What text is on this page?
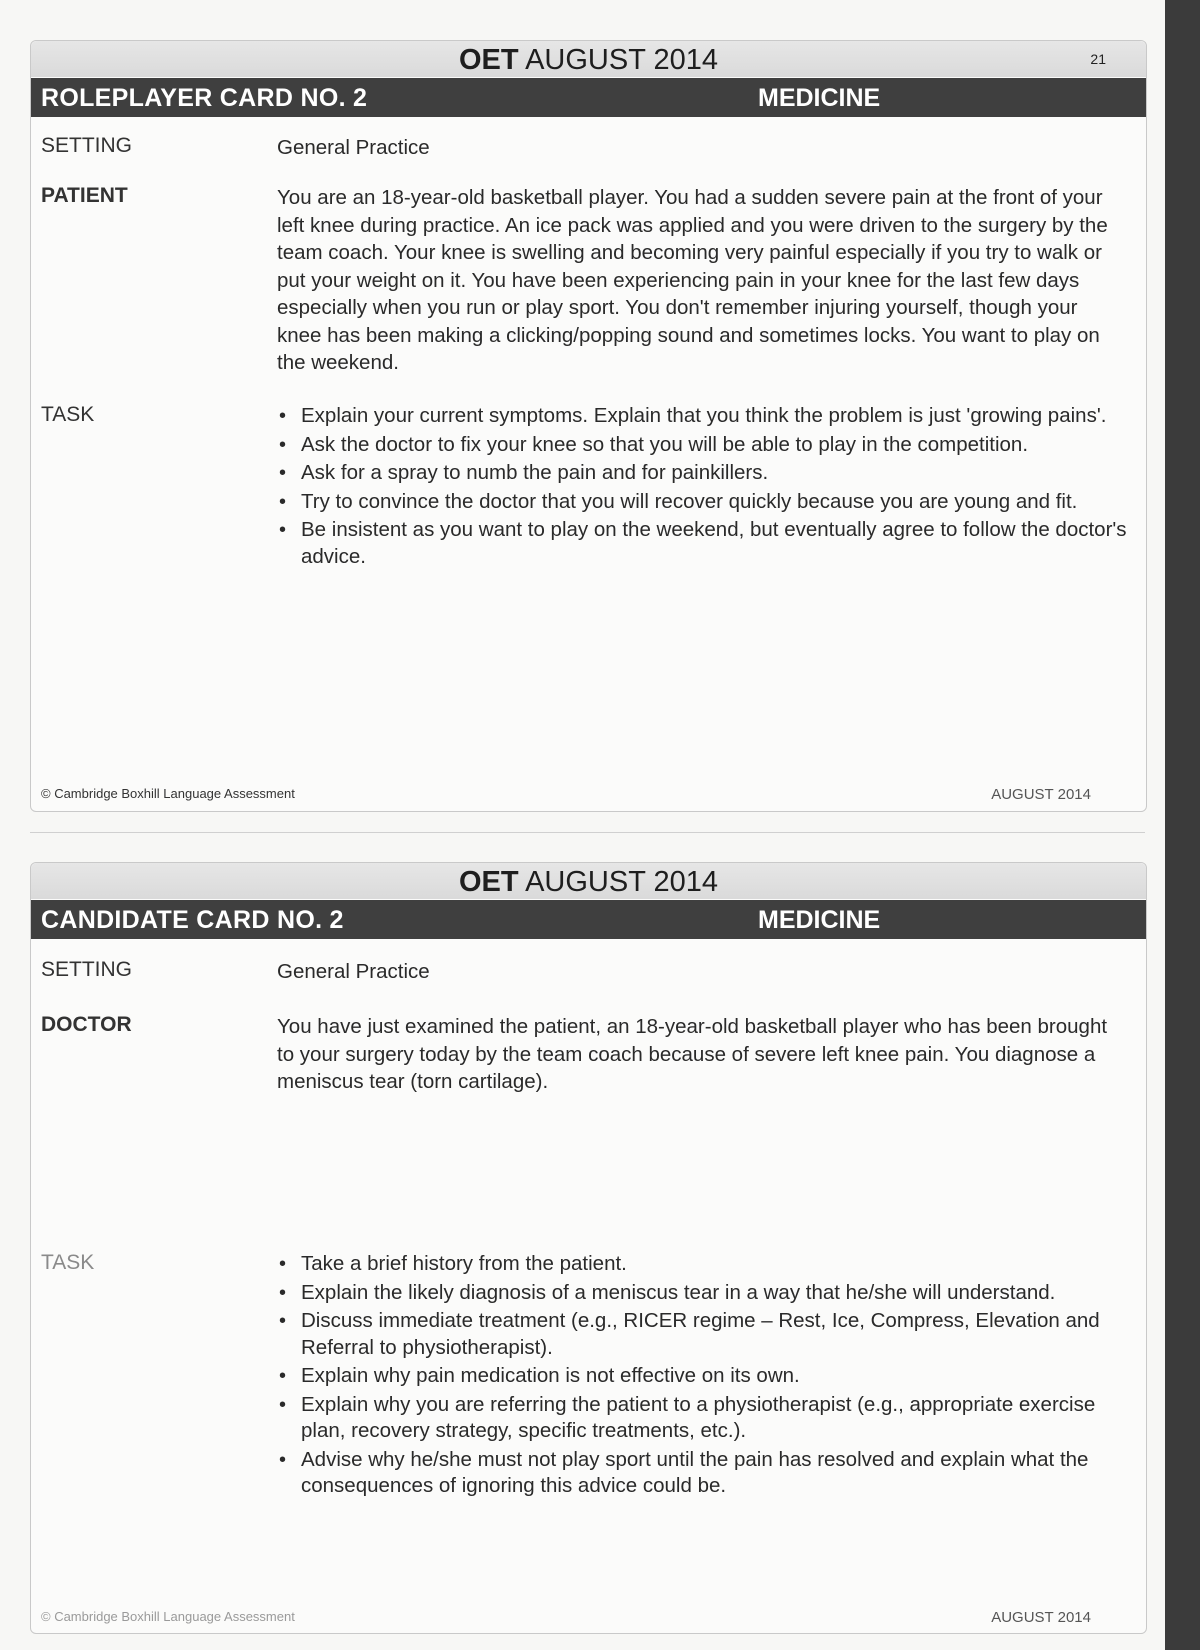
OET AUGUST 2014	21
ROLEPLAYER CARD NO. 2	MEDICINE
SETTING	General Practice
PATIENT	You are an 18-year-old basketball player. You had a sudden severe pain at the front of your left knee during practice. An ice pack was applied and you were driven to the surgery by the team coach. Your knee is swelling and becoming very painful especially if you try to walk or put your weight on it. You have been experiencing pain in your knee for the last few days especially when you run or play sport. You don't remember injuring yourself, though your knee has been making a clicking/popping sound and sometimes locks. You want to play on the weekend.
TASK	• Explain your current symptoms. Explain that you think the problem is just 'growing pains'.
• Ask the doctor to fix your knee so that you will be able to play in the competition.
• Ask for a spray to numb the pain and for painkillers.
• Try to convince the doctor that you will recover quickly because you are young and fit.
• Be insistent as you want to play on the weekend, but eventually agree to follow the doctor's advice.
© Cambridge Boxhill Language Assessment	AUGUST 2014
OET AUGUST 2014
CANDIDATE CARD NO. 2	MEDICINE
SETTING	General Practice
DOCTOR	You have just examined the patient, an 18-year-old basketball player who has been brought to your surgery today by the team coach because of severe left knee pain. You diagnose a meniscus tear (torn cartilage).
TASK	• Take a brief history from the patient.
• Explain the likely diagnosis of a meniscus tear in a way that he/she will understand.
• Discuss immediate treatment (e.g., RICER regime – Rest, Ice, Compress, Elevation and Referral to physiotherapist).
• Explain why pain medication is not effective on its own.
• Explain why you are referring the patient to a physiotherapist (e.g., appropriate exercise plan, recovery strategy, specific treatments, etc.).
• Advise why he/she must not play sport until the pain has resolved and explain what the consequences of ignoring this advice could be.
© Cambridge Boxhill Language Assessment	AUGUST 2014
